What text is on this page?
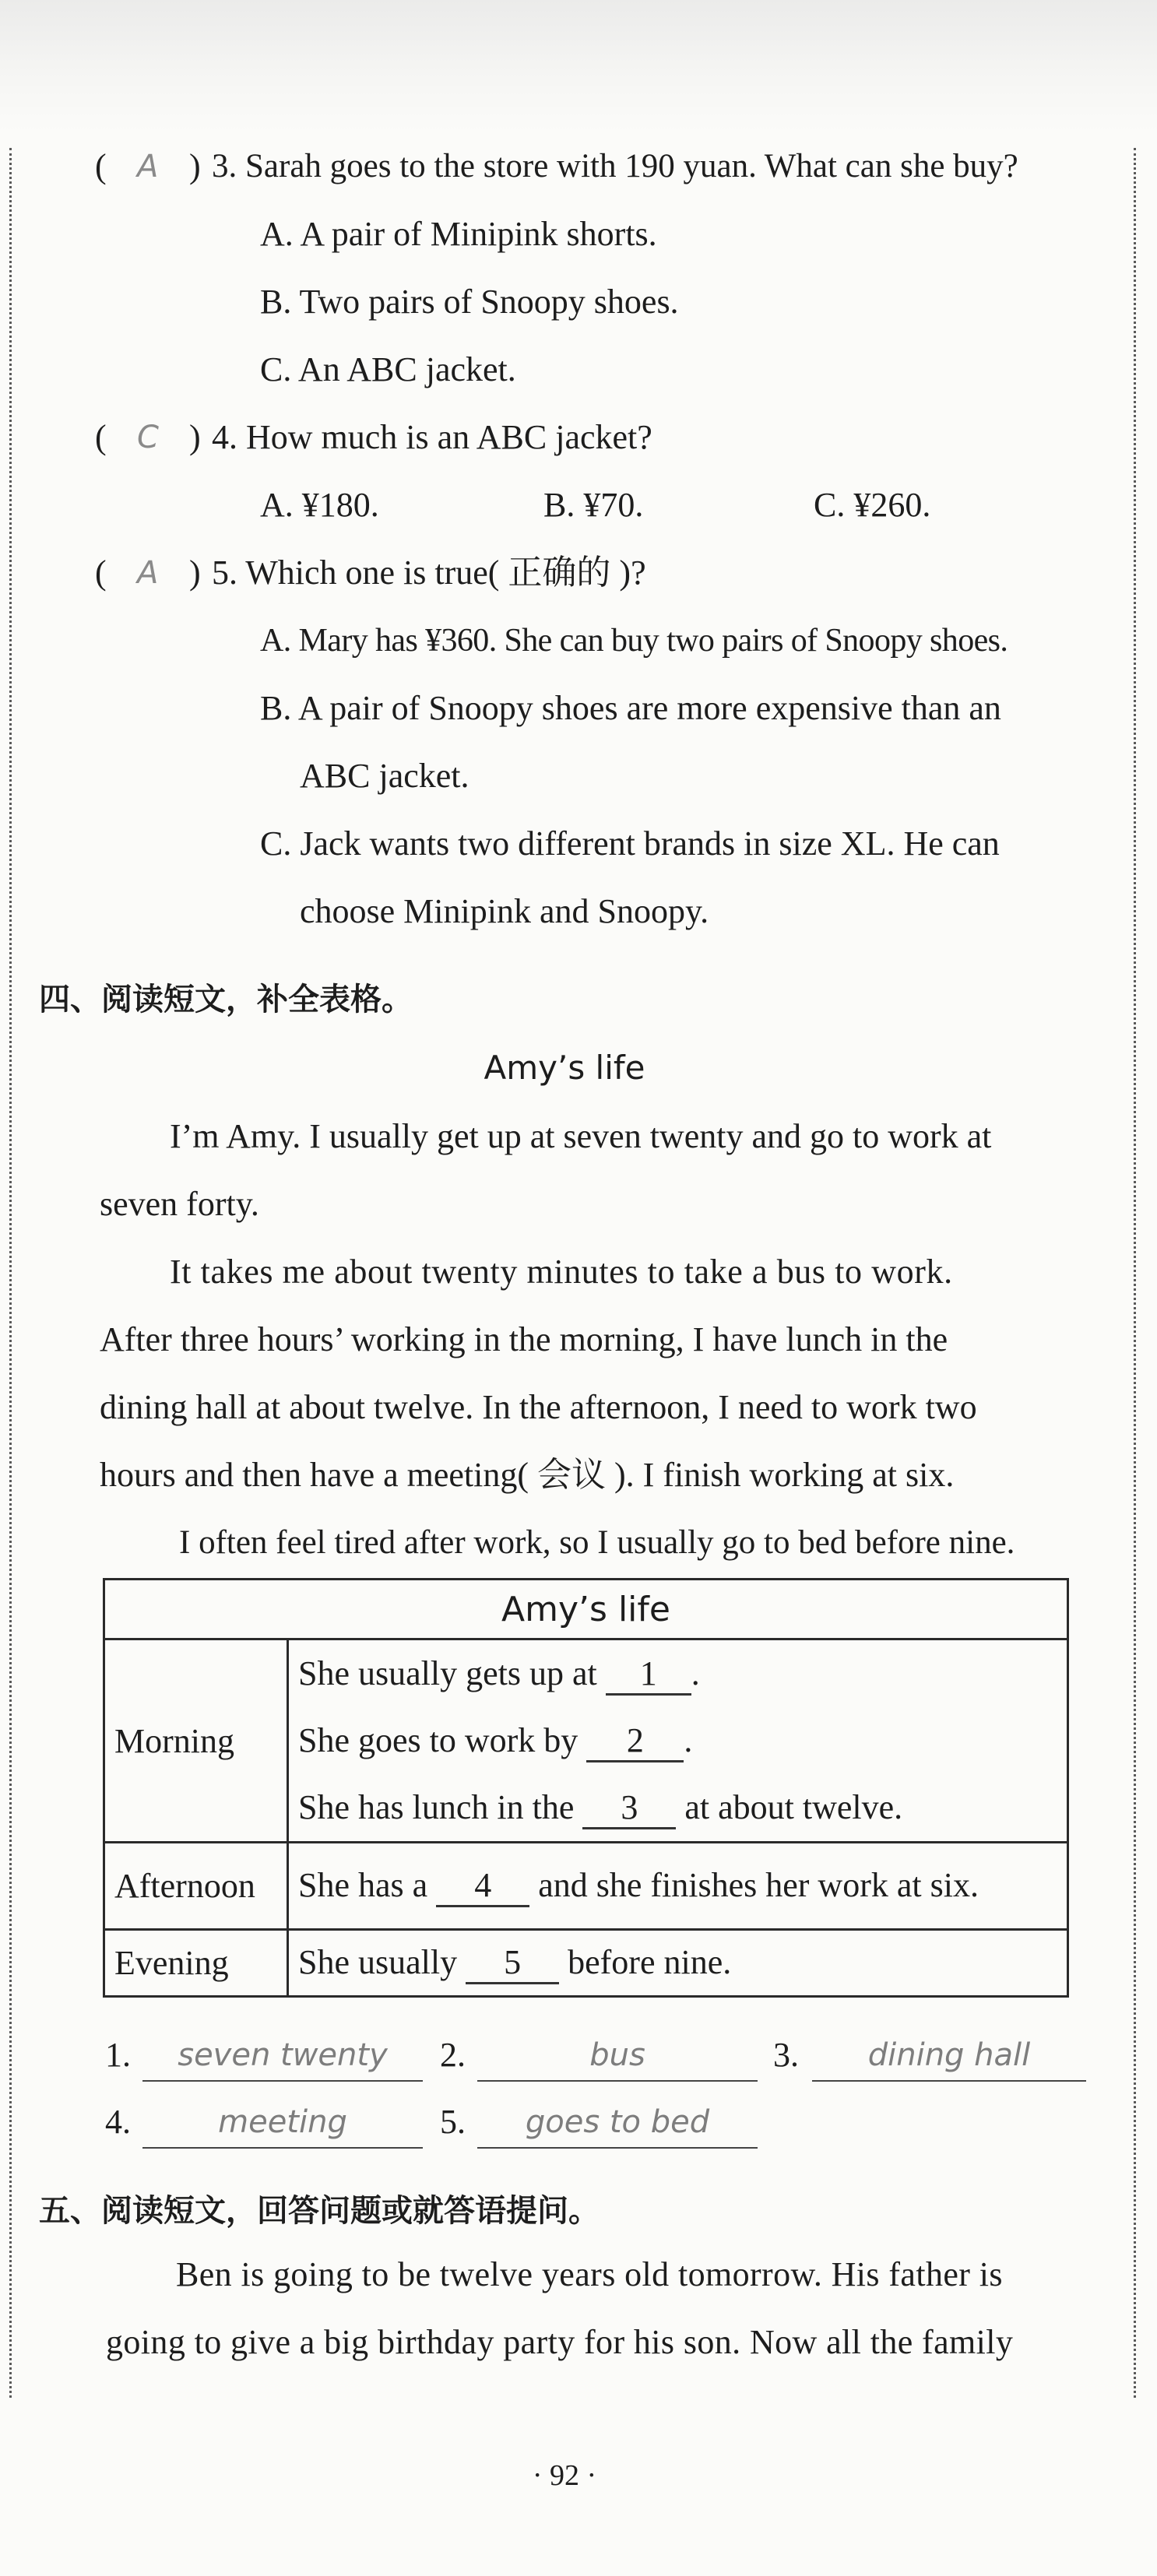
( A ) 3. Sarah goes to the store with 190 yuan. What can she buy?
A. A pair of Minipink shorts.
B. Two pairs of Snoopy shoes.
C. An ABC jacket.
( C ) 4. How much is an ABC jacket?
A. ¥180.	B. ¥70.	C. ¥260.
( A ) 5. Which one is true( 正确的 )?
A. Mary has ¥360. She can buy two pairs of Snoopy shoes.
B. A pair of Snoopy shoes are more expensive than an
ABC jacket.
C. Jack wants two different brands in size XL. He can
choose Minipink and Snoopy.
四、阅读短文，补全表格。
Amy’s life
I’m Amy. I usually get up at seven twenty and go to work at
seven forty.
It takes me about twenty minutes to take a bus to work.
After three hours’ working in the morning, I have lunch in the
dining hall at about twelve. In the afternoon, I need to work two
hours and then have a meeting( 会议 ). I finish working at six.
I often feel tired after work, so I usually go to bed before nine.
Amy’s life	
Morning	She usually gets up at 1 .
She goes to work by 2 .
She has lunch in the 3 at about twelve.

Afternoon	She has a 4 and she finishes her work at six.
Evening	She usually 5 before nine.
1.	seven twenty	2.	bus	3.	dining hall
4.	meeting	5.	goes to bed
五、阅读短文，回答问题或就答语提问。
Ben is going to be twelve years old tomorrow. His father is
going to give a big birthday party for his son. Now all the family
· 92 ·
